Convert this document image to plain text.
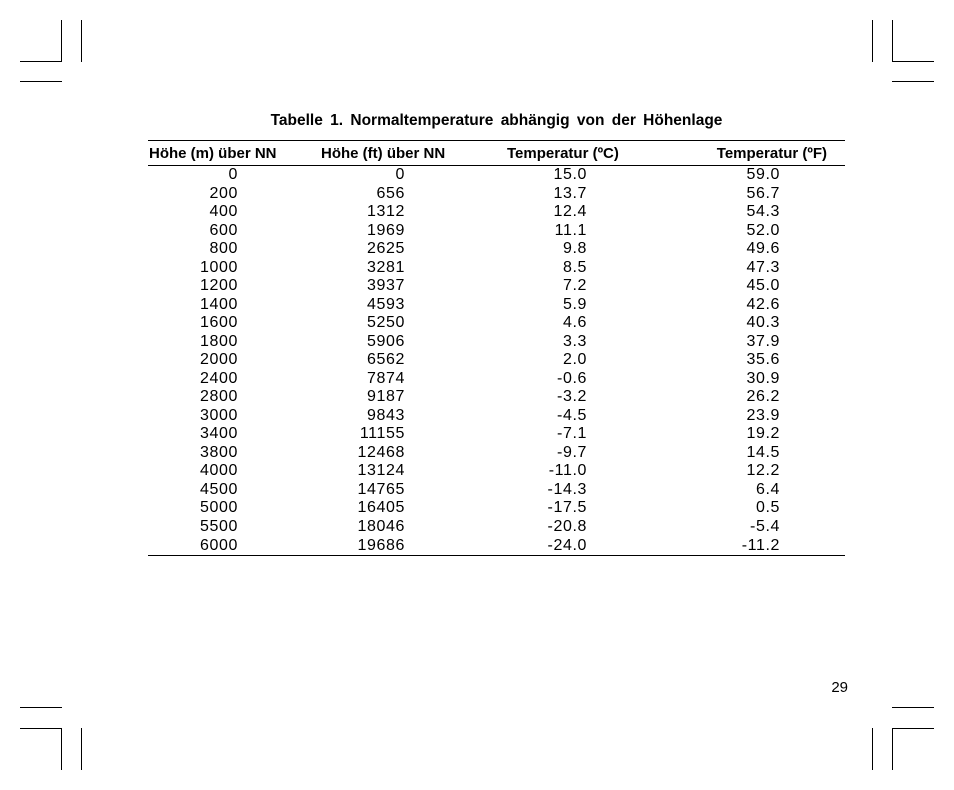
Tabelle 1. Normaltemperature abhängig von der Höhenlage
Höhe (m) über NN	Höhe (ft) über NN	Temperatur (ºC)	Temperatur (ºF)
0	0	15.0	59.0
200	656	13.7	56.7
400	1312	12.4	54.3
600	1969	11.1	52.0
800	2625	9.8	49.6
1000	3281	8.5	47.3
1200	3937	7.2	45.0
1400	4593	5.9	42.6
1600	5250	4.6	40.3
1800	5906	3.3	37.9
2000	6562	2.0	35.6
2400	7874	-0.6	30.9
2800	9187	-3.2	26.2
3000	9843	-4.5	23.9
3400	11155	-7.1	19.2
3800	12468	-9.7	14.5
4000	13124	-11.0	12.2
4500	14765	-14.3	6.4
5000	16405	-17.5	0.5
5500	18046	-20.8	-5.4
6000	19686	-24.0	-11.2
29
